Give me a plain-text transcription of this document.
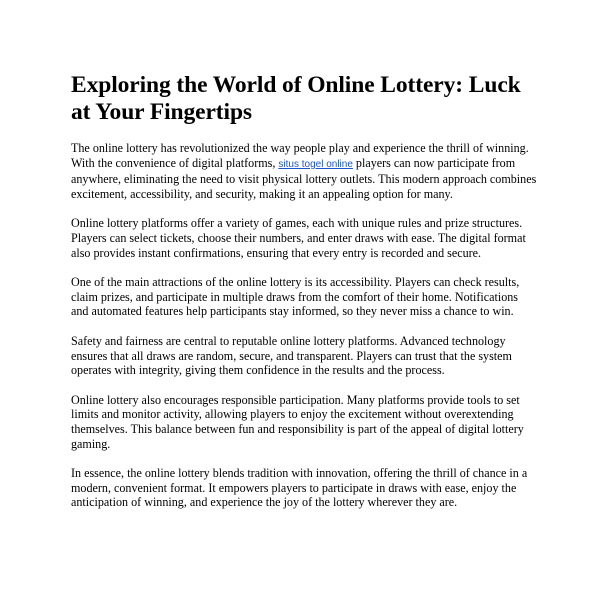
Exploring the World of Online Lottery: Luck at Your Fingertips

The online lottery has revolutionized the way people play and experience the thrill of winning. With the convenience of digital platforms, situs togel online players can now participate from anywhere, eliminating the need to visit physical lottery outlets. This modern approach combines excitement, accessibility, and security, making it an appealing option for many.

Online lottery platforms offer a variety of games, each with unique rules and prize structures. Players can select tickets, choose their numbers, and enter draws with ease. The digital format also provides instant confirmations, ensuring that every entry is recorded and secure.

One of the main attractions of the online lottery is its accessibility. Players can check results, claim prizes, and participate in multiple draws from the comfort of their home. Notifications and automated features help participants stay informed, so they never miss a chance to win.

Safety and fairness are central to reputable online lottery platforms. Advanced technology ensures that all draws are random, secure, and transparent. Players can trust that the system operates with integrity, giving them confidence in the results and the process.

Online lottery also encourages responsible participation. Many platforms provide tools to set limits and monitor activity, allowing players to enjoy the excitement without overextending themselves. This balance between fun and responsibility is part of the appeal of digital lottery gaming.

In essence, the online lottery blends tradition with innovation, offering the thrill of chance in a modern, convenient format. It empowers players to participate in draws with ease, enjoy the anticipation of winning, and experience the joy of the lottery wherever they are.
